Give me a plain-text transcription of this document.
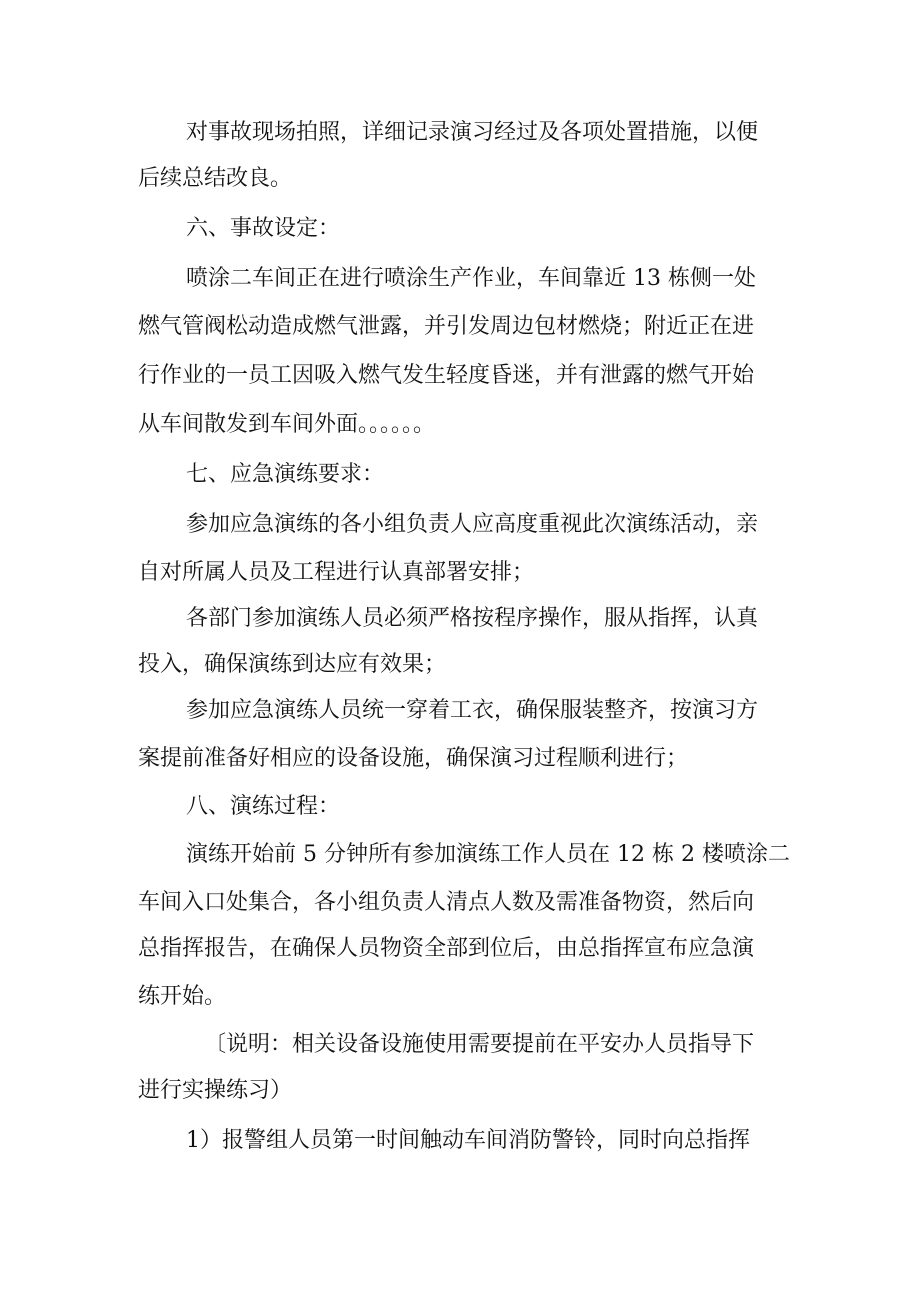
对事故现场拍照，详细记录演习经过及各项处置措施，以便
后续总结改良。
六、事故设定：
喷涂二车间正在进行喷涂生产作业，车间靠近 13 栋侧一处
燃气管阀松动造成燃气泄露，并引发周边包材燃烧；附近正在进
行作业的一员工因吸入燃气发生轻度昏迷，并有泄露的燃气开始
从车间散发到车间外面。。。。。。
七、应急演练要求：
参加应急演练的各小组负责人应高度重视此次演练活动，亲
自对所属人员及工程进行认真部署安排；
各部门参加演练人员必须严格按程序操作，服从指挥，认真
投入，确保演练到达应有效果；
参加应急演练人员统一穿着工衣，确保服装整齐，按演习方
案提前准备好相应的设备设施，确保演习过程顺利进行；
八、演练过程：
演练开始前 5 分钟所有参加演练工作人员在 12 栋 2 楼喷涂二
车间入口处集合，各小组负责人清点人数及需准备物资，然后向
总指挥报告，在确保人员物资全部到位后，由总指挥宣布应急演
练开始。
〔说明：相关设备设施使用需要提前在平安办人员指导下
进行实操练习）
1）报警组人员第一时间触动车间消防警铃，同时向总指挥
